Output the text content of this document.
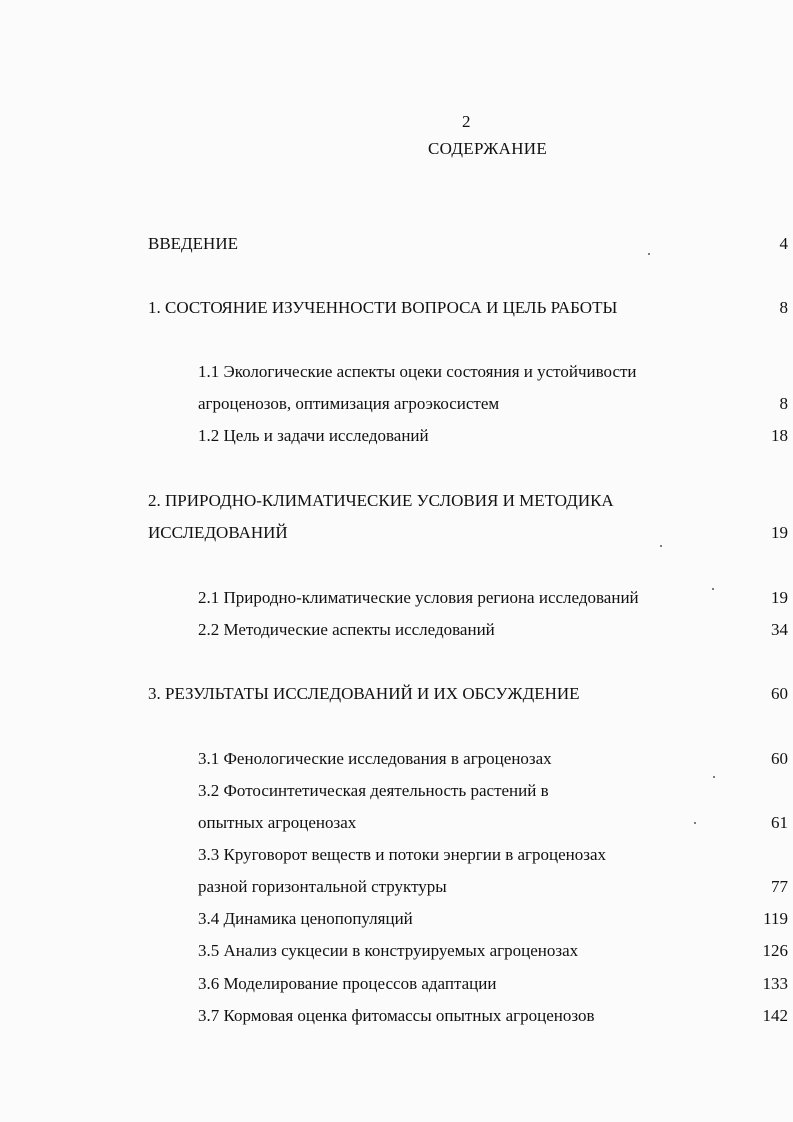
2
СОДЕРЖАНИЕ
ВВЕДЕНИЕ	4
1. СОСТОЯНИЕ ИЗУЧЕННОСТИ ВОПРОСА И ЦЕЛЬ РАБОТЫ	8
1.1 Экологические аспекты оцеки состояния и устойчивости
агроценозов, оптимизация агроэкосистем	8
1.2 Цель и задачи исследований	18
2. ПРИРОДНО-КЛИМАТИЧЕСКИЕ УСЛОВИЯ И МЕТОДИКА
ИССЛЕДОВАНИЙ	19
2.1 Природно-климатические условия региона исследований	19
2.2 Методические аспекты исследований	34
3. РЕЗУЛЬТАТЫ ИССЛЕДОВАНИЙ И ИХ ОБСУЖДЕНИЕ	60
3.1 Фенологические исследования в агроценозах	60
3.2 Фотосинтетическая деятельность растений в
опытных агроценозах	61
3.3 Круговорот веществ и потоки энергии в агроценозах
разной горизонтальной структуры	77
3.4 Динамика ценопопуляций	119
3.5 Анализ сукцесии в конструируемых агроценозах	126
3.6 Моделирование процессов адаптации	133
3.7 Кормовая оценка фитомассы опытных агроценозов	142
